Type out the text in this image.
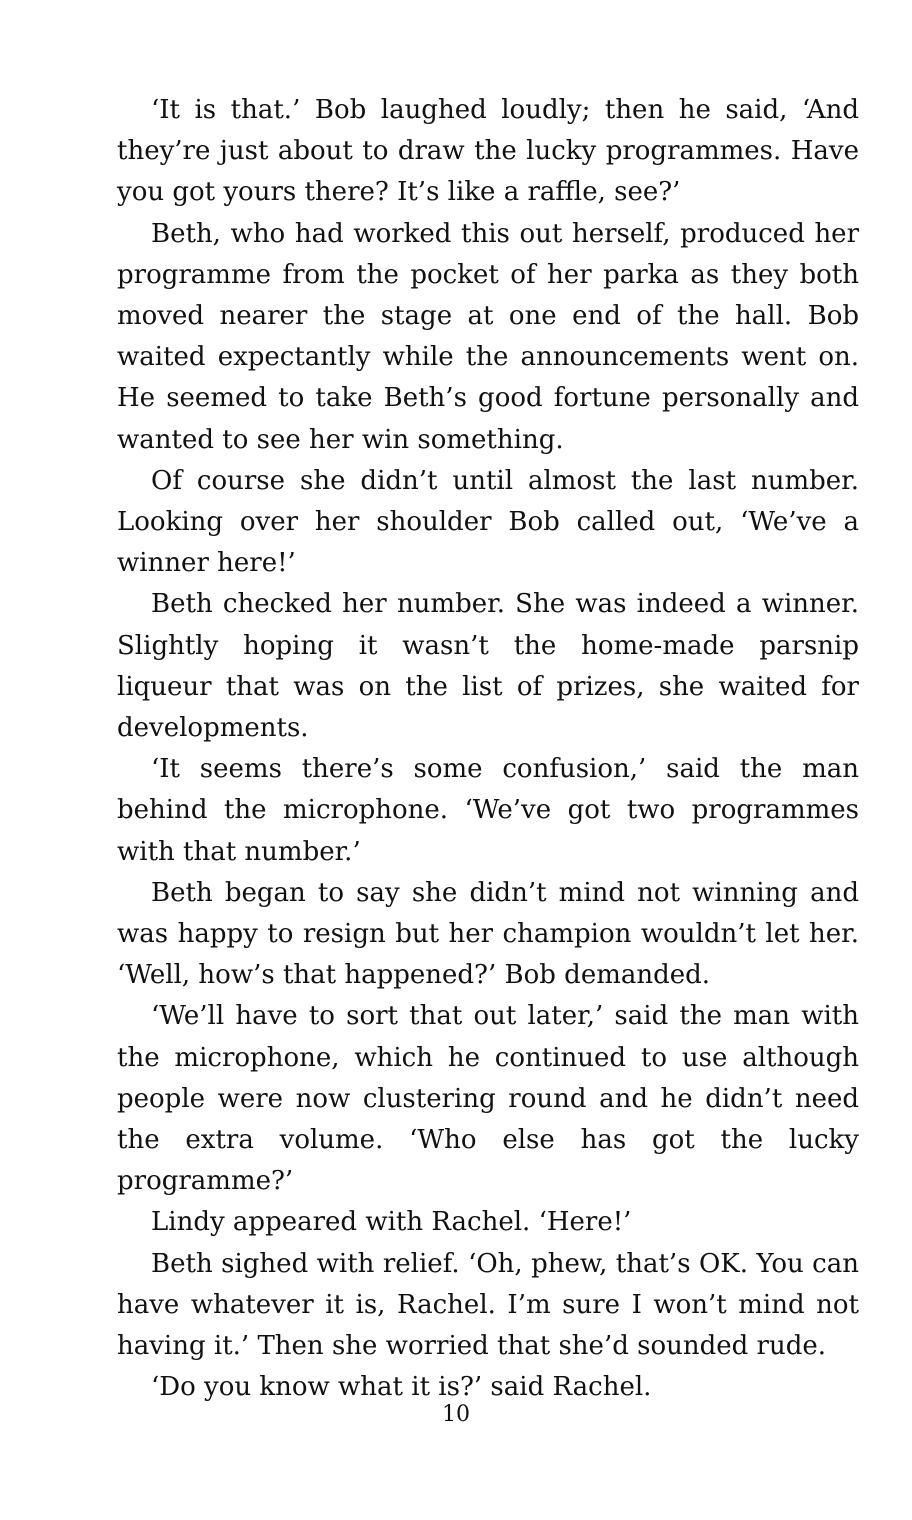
‘It is that.’ Bob laughed loudly; then he said, ‘And they’re just about to draw the lucky programmes. Have you got yours there? It’s like a raffle, see?’

Beth, who had worked this out herself, produced her programme from the pocket of her parka as they both moved nearer the stage at one end of the hall. Bob waited expectantly while the announcements went on. He seemed to take Beth’s good fortune personally and wanted to see her win something.

Of course she didn’t until almost the last number. Looking over her shoulder Bob called out, ‘We’ve a winner here!’

Beth checked her number. She was indeed a winner. Slightly hoping it wasn’t the home-made parsnip liqueur that was on the list of prizes, she waited for developments.

‘It seems there’s some confusion,’ said the man behind the microphone. ‘We’ve got two programmes with that number.’

Beth began to say she didn’t mind not winning and was happy to resign but her champion wouldn’t let her. ‘Well, how’s that happened?’ Bob demanded.

‘We’ll have to sort that out later,’ said the man with the microphone, which he continued to use although people were now clustering round and he didn’t need the extra volume. ‘Who else has got the lucky programme?’

Lindy appeared with Rachel. ‘Here!’

Beth sighed with relief. ‘Oh, phew, that’s OK. You can have whatever it is, Rachel. I’m sure I won’t mind not having it.’ Then she worried that she’d sounded rude.

‘Do you know what it is?’ said Rachel.

10
